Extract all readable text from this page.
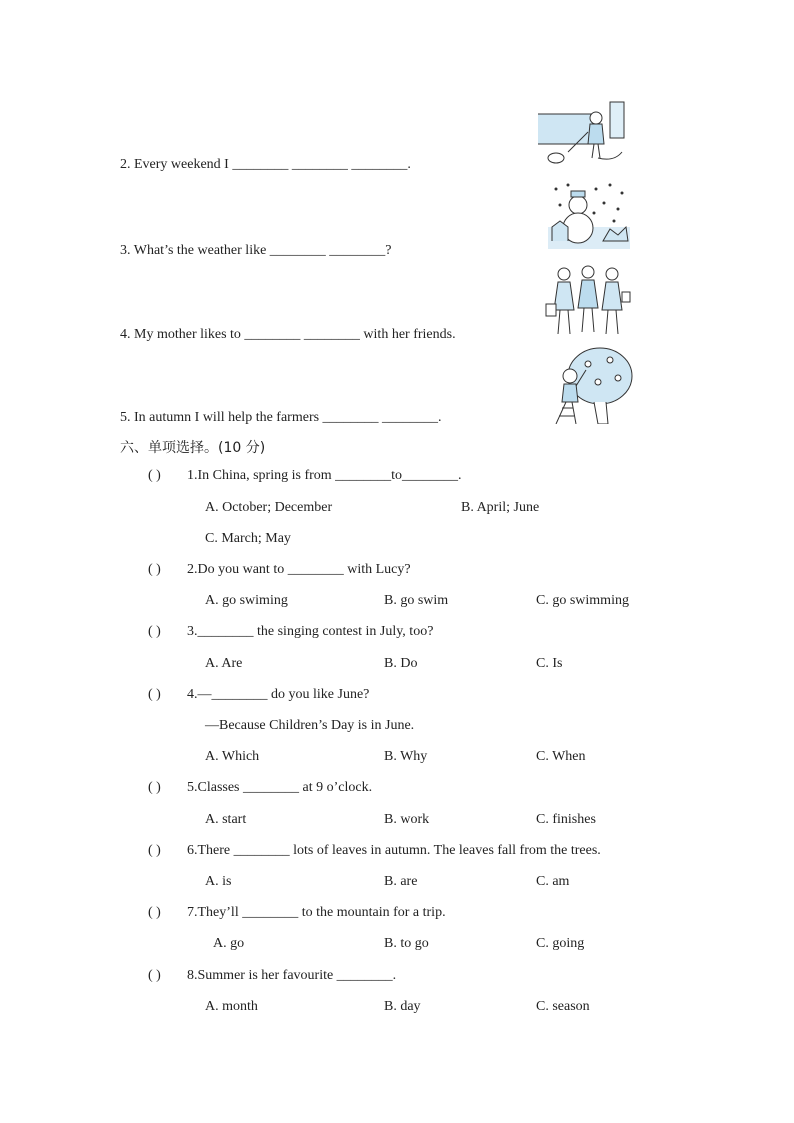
2. Every weekend I ________ ________ ________.
3. What’s the weather like ________ ________?
4. My mother likes to ________ ________ with her friends.
5. In autumn I will help the farmers ________ ________.
六、单项选择。(10 分)
( ) 1.In China, spring is from ________to________.
A. October; December	B. April; June
C. March; May
( ) 2.Do you want to ________ with Lucy?
A. go swiming	B. go swim	C. go swimming
( ) 3.________ the singing contest in July, too?
A. Are	B. Do	C. Is
( ) 4.—________ do you like June?
—Because Children’s Day is in June.
A. Which	B. Why	C. When
( ) 5.Classes ________ at 9 o’clock.
A. start	B. work	C. finishes
( ) 6.There ________ lots of leaves in autumn. The leaves fall from the trees.
A. is	B. are	C. am
( ) 7.They’ll ________ to the mountain for a trip.
A. go	B. to go	C. going
( ) 8.Summer is her favourite ________.
A. month	B. day	C. season
